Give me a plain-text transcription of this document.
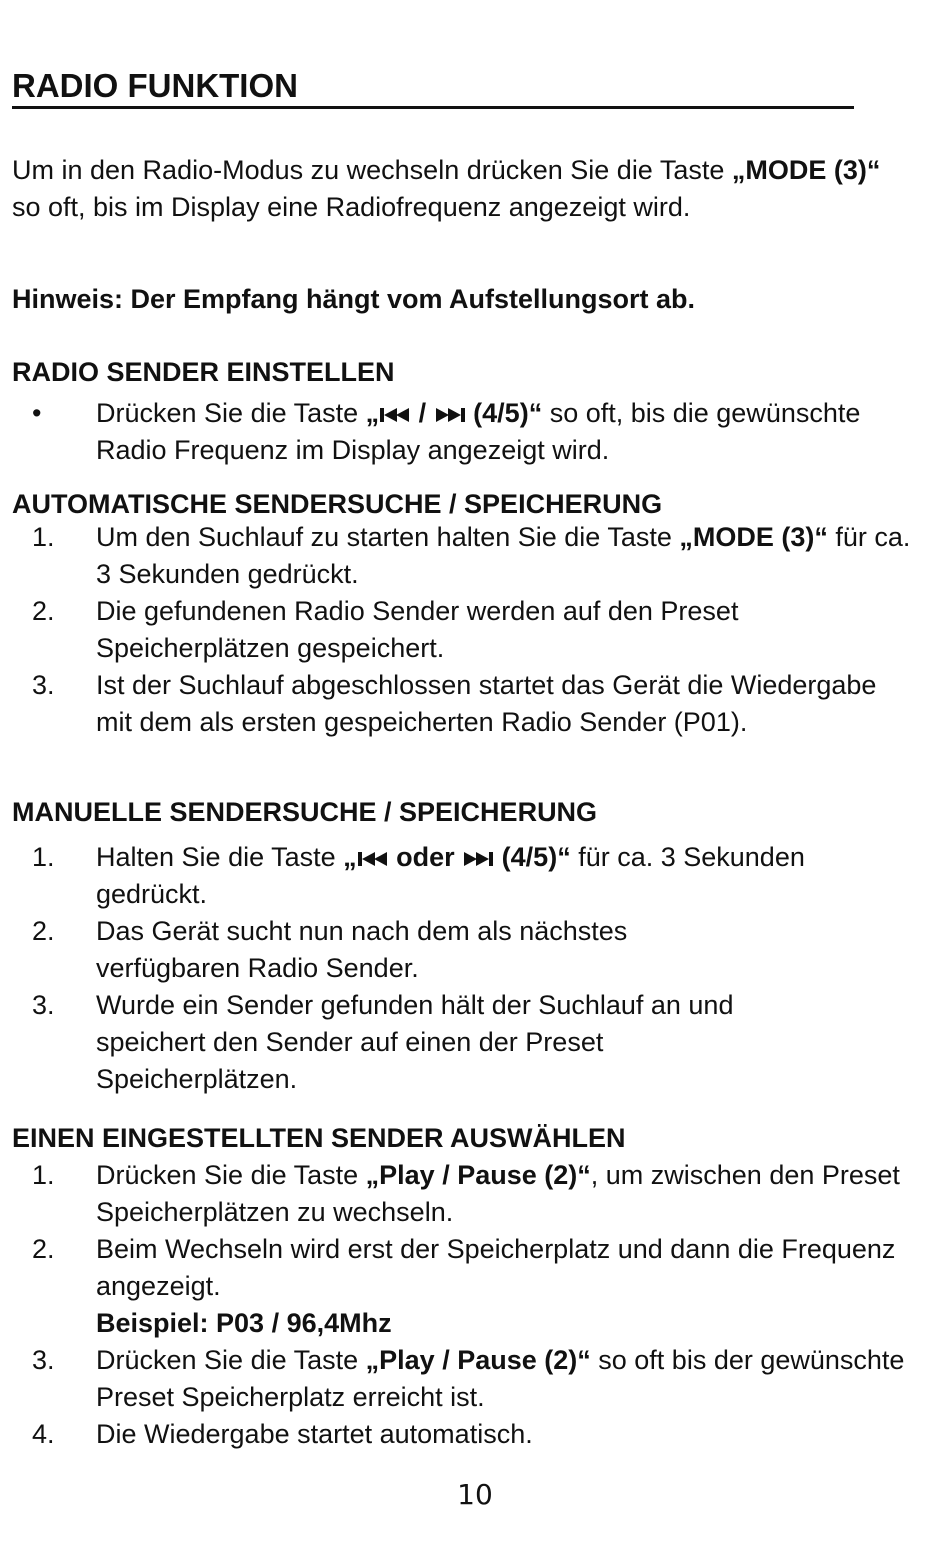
RADIO FUNKTION
Um in den Radio-Modus zu wechseln drücken Sie die Taste „MODE (3)“ so oft, bis im Display eine Radiofrequenz angezeigt wird.
Hinweis: Der Empfang hängt vom Aufstellungsort ab.
RADIO SENDER EINSTELLEN
• Drücken Sie die Taste „ /  (4/5)“ so oft, bis die gewünschte Radio Frequenz im Display angezeigt wird.
AUTOMATISCHE SENDERSUCHE / SPEICHERUNG
1. Um den Suchlauf zu starten halten Sie die Taste „MODE (3)“ für ca. 3 Sekunden gedrückt.
2. Die gefundenen Radio Sender werden auf den Preset Speicherplätzen gespeichert.
3. Ist der Suchlauf abgeschlossen startet das Gerät die Wiedergabe mit dem als ersten gespeicherten Radio Sender (P01).
MANUELLE SENDERSUCHE / SPEICHERUNG
1. Halten Sie die Taste „ oder  (4/5)“ für ca. 3 Sekunden gedrückt.
2. Das Gerät sucht nun nach dem als nächstes verfügbaren Radio Sender.
3. Wurde ein Sender gefunden hält der Suchlauf an und speichert den Sender auf einen der Preset Speicherplätzen.
EINEN EINGESTELLTEN SENDER AUSWÄHLEN
1. Drücken Sie die Taste „Play / Pause (2)“, um zwischen den Preset Speicherplätzen zu wechseln.
2. Beim Wechseln wird erst der Speicherplatz und dann die Frequenz angezeigt.
Beispiel: P03 / 96,4Mhz
3. Drücken Sie die Taste „Play / Pause (2)“ so oft bis der gewünschte Preset Speicherplatz erreicht ist.
4. Die Wiedergabe startet automatisch.
10
